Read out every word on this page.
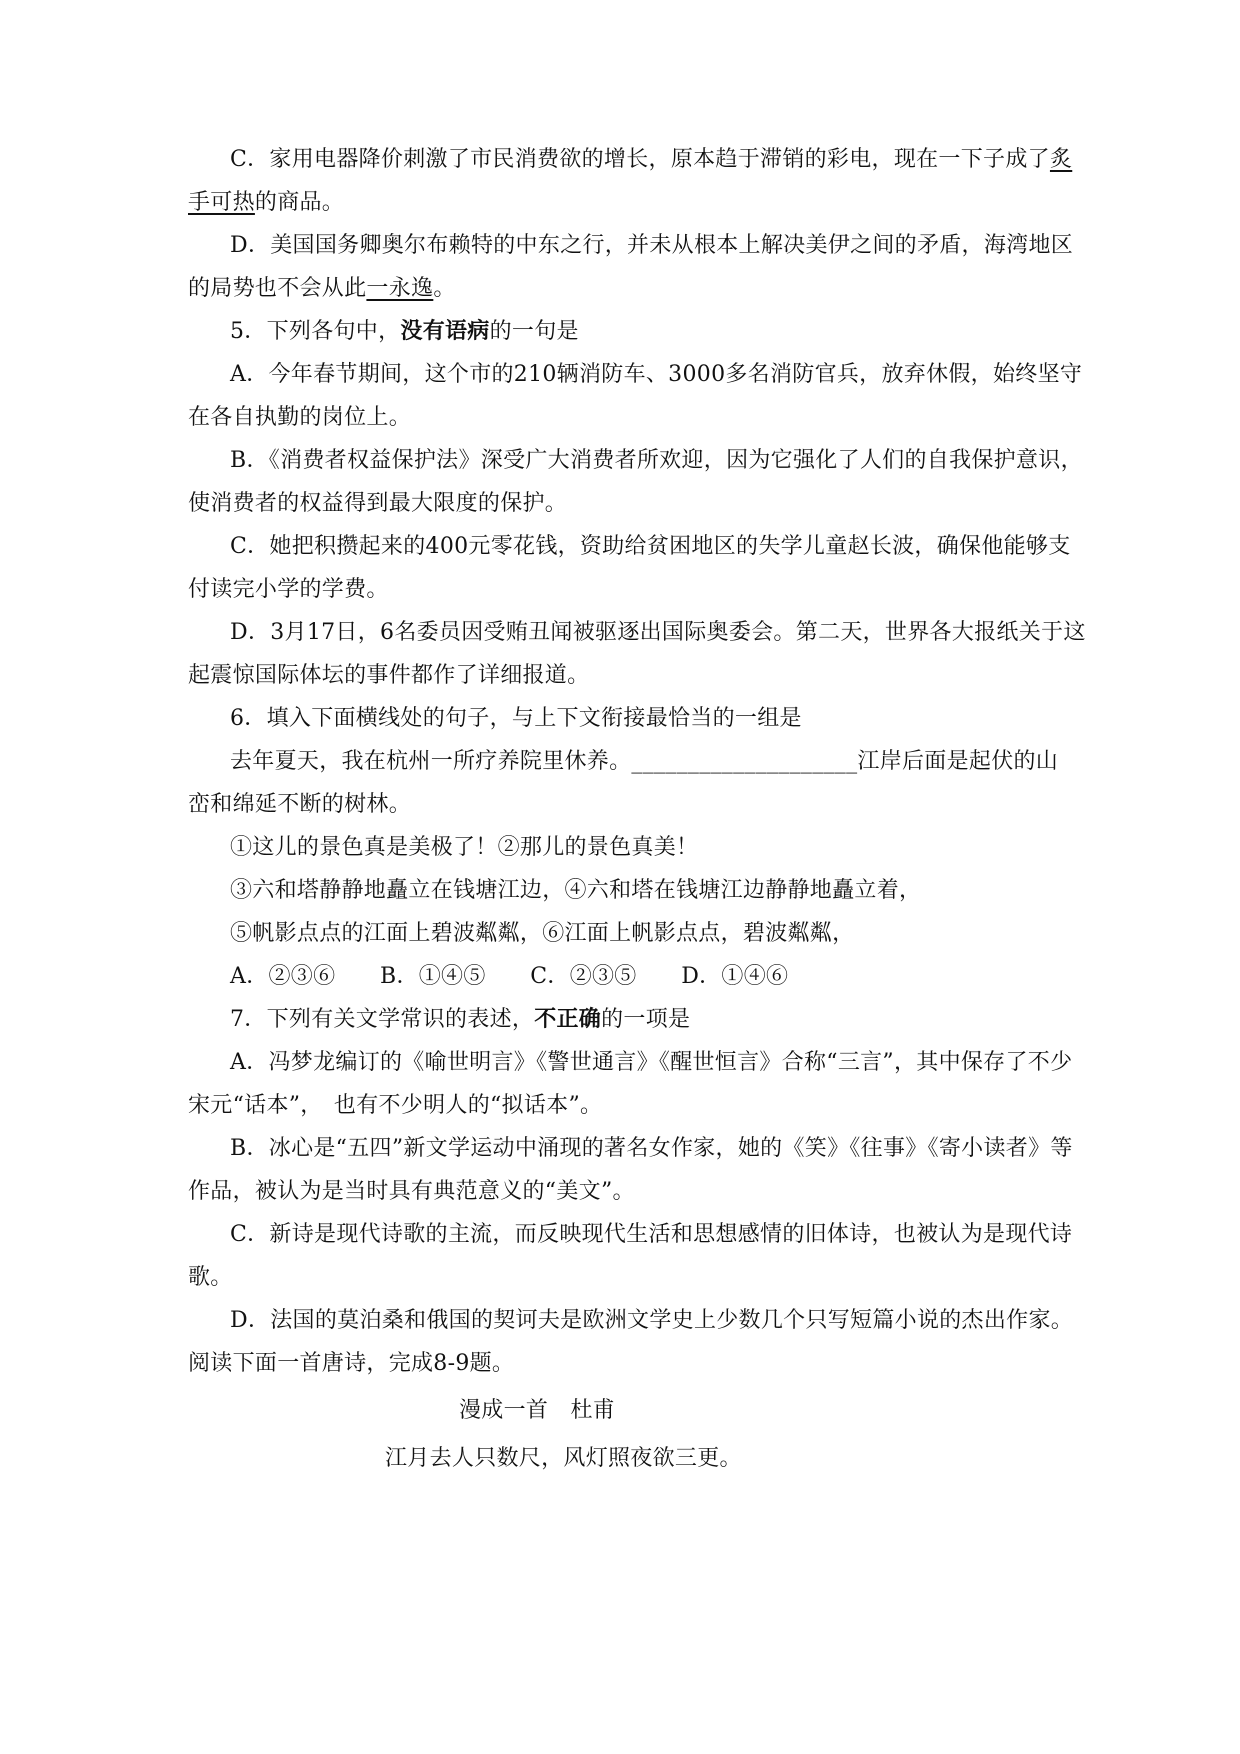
C．家用电器降价刺激了市民消费欲的增长，原本趋于滞销的彩电，现在一下子成了炙
手可热的商品。
D．美国国务卿奥尔布赖特的中东之行，并未从根本上解决美伊之间的矛盾，海湾地区
的局势也不会从此一永逸。
5．下列各句中，没有语病的一句是
A．今年春节期间，这个市的210辆消防车、3000多名消防官兵，放弃休假，始终坚守
在各自执勤的岗位上。
B．《消费者权益保护法》深受广大消费者所欢迎，因为它强化了人们的自我保护意识，
使消费者的权益得到最大限度的保护。
C．她把积攒起来的400元零花钱，资助给贫困地区的失学儿童赵长波，确保他能够支
付读完小学的学费。
D．3月17日，6名委员因受贿丑闻被驱逐出国际奥委会。第二天，世界各大报纸关于这
起震惊国际体坛的事件都作了详细报道。
6．填入下面横线处的句子，与上下文衔接最恰当的一组是
去年夏天，我在杭州一所疗养院里休养。____________________江岸后面是起伏的山
峦和绵延不断的树林。
①这儿的景色真是美极了！②那儿的景色真美！
③六和塔静静地矗立在钱塘江边，④六和塔在钱塘江边静静地矗立着，
⑤帆影点点的江面上碧波粼粼，⑥江面上帆影点点，碧波粼粼，
A．②③⑥　　B．①④⑤　　C．②③⑤　　D．①④⑥
7．下列有关文学常识的表述，不正确的一项是
A．冯梦龙编订的《喻世明言》《警世通言》《醒世恒言》合称“三言”，其中保存了不少
宋元“话本”，　也有不少明人的“拟话本”。
B．冰心是“五四”新文学运动中涌现的著名女作家，她的《笑》《往事》《寄小读者》等
作品，被认为是当时具有典范意义的“美文”。
C．新诗是现代诗歌的主流，而反映现代生活和思想感情的旧体诗，也被认为是现代诗
歌。
D．法国的莫泊桑和俄国的契诃夫是欧洲文学史上少数几个只写短篇小说的杰出作家。
阅读下面一首唐诗，完成8-9题。
漫成一首　杜甫
江月去人只数尺，风灯照夜欲三更。
